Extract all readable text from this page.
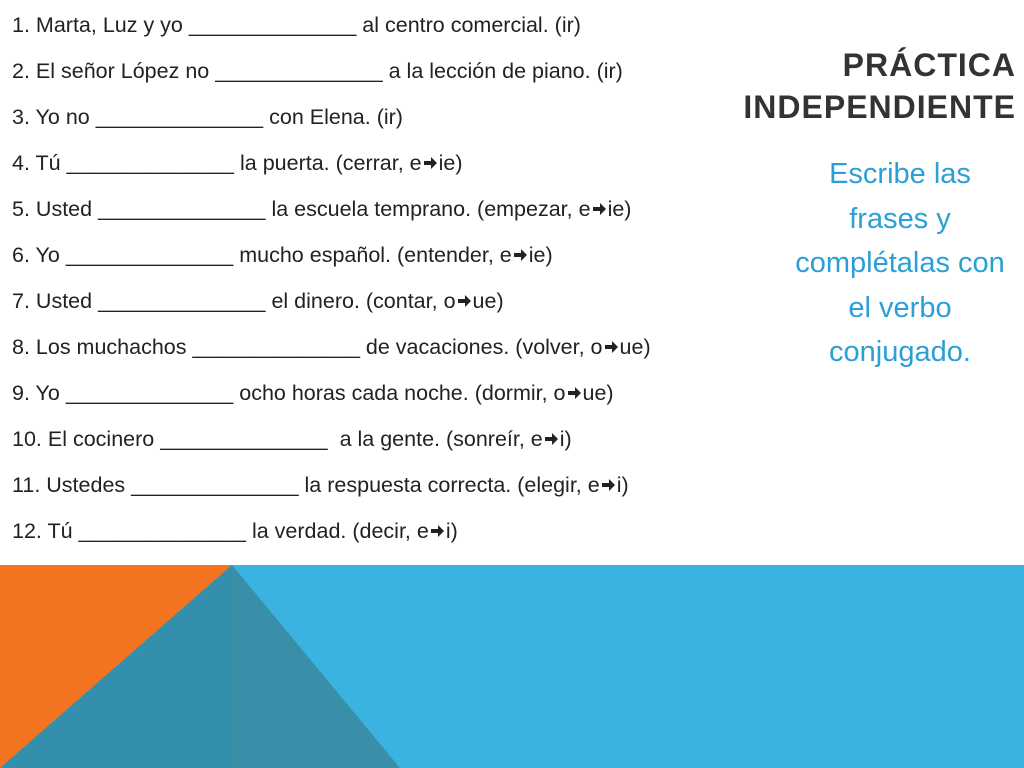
1. Marta, Luz y yo ______________ al centro comercial. (ir)
2. El señor López no ______________ a la lección de piano. (ir)
3. Yo no ______________ con Elena. (ir)
4. Tú ______________ la puerta. (cerrar, e ie)
5. Usted ______________ la escuela temprano. (empezar, e ie)
6. Yo ______________ mucho español. (entender, e ie)
7. Usted ______________ el dinero. (contar, o ue)
8. Los muchachos ______________ de vacaciones. (volver, o ue)
9. Yo ______________ ocho horas cada noche. (dormir, o ue)
10. El cocinero ______________  a la gente. (sonreír, e i)
11. Ustedes ______________ la respuesta correcta. (elegir, e i)
12. Tú ______________ la verdad. (decir, e i)
PRÁCTICA
INDEPENDIENTE
Escribe las frases y complétalas con el verbo conjugado.
